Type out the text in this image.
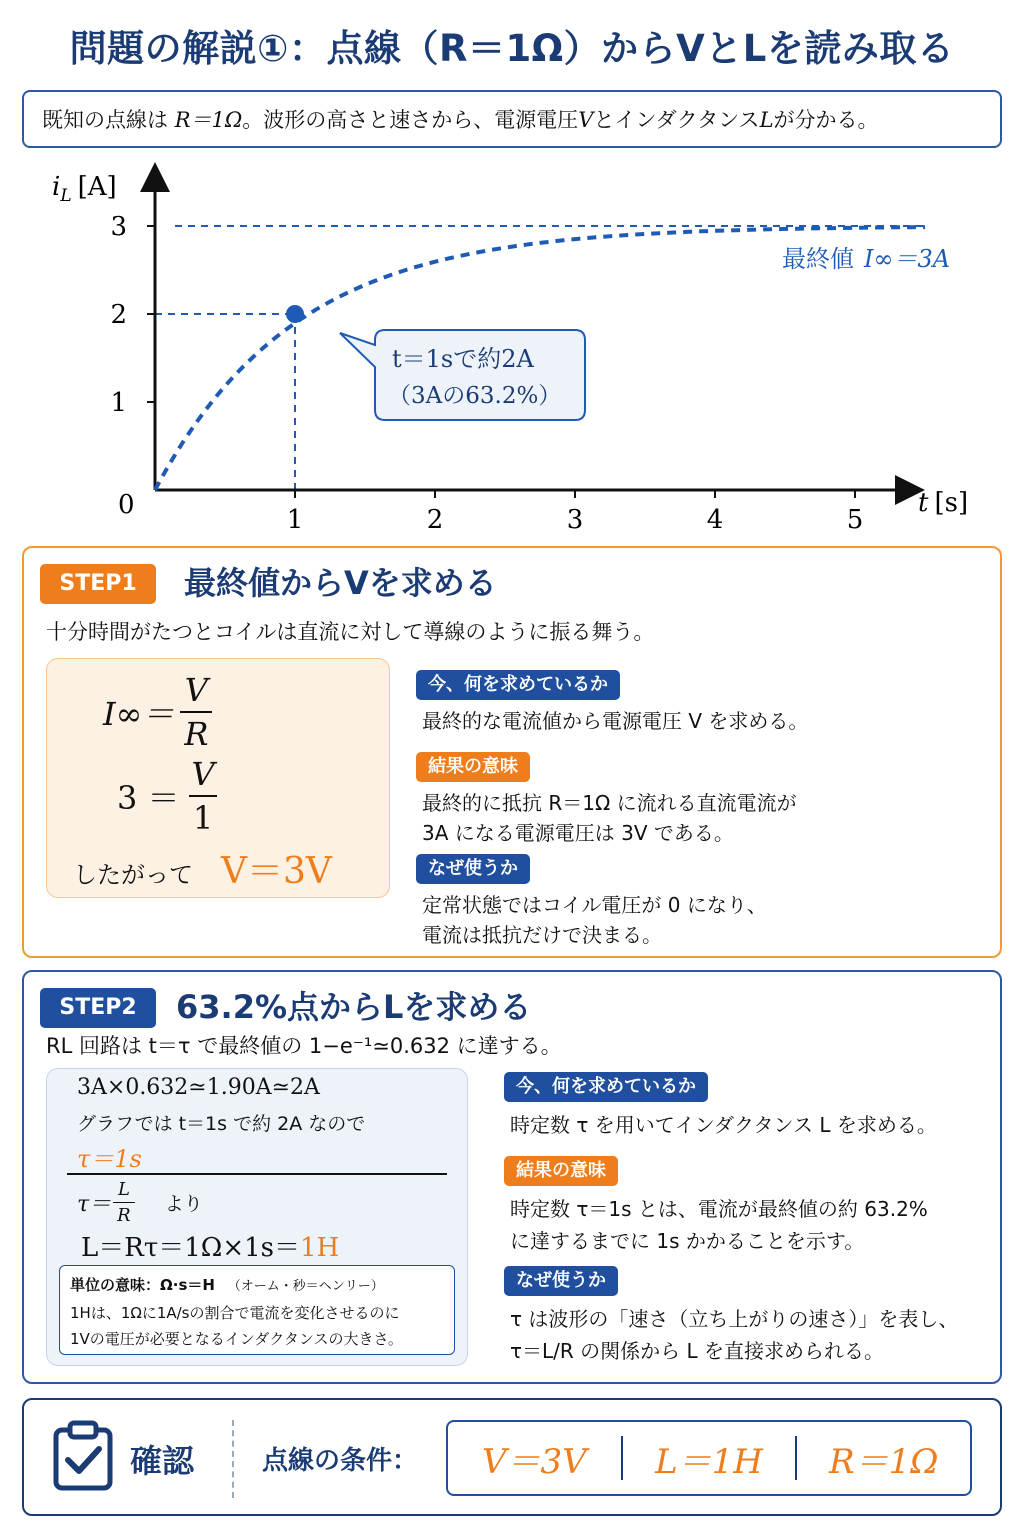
問題の解説①：点線（R＝1Ω）からVとLを読み取る
既知の点線は R＝1Ω。波形の高さと速さから、電源電圧VとインダクタンスLが分かる。
1	2	3	4	5
1
2
3
$i_L$ [A]
t [s]
0
最終値 I∞＝3A
t＝1sで約2A
（3Aの63.2%）
STEP1	最終値からVを求める
十分時間がたつとコイルは直流に対して導線のように振る舞う。
$I\infty= \frac{V}{R}$
$3 = \frac{V}{1}$
したがって V＝3V
今、何を求めているか
最終的な電流値から電源電圧 V を求める。
結果の意味
最終的に抵抗 R＝1Ω に流れる直流電流が
3A になる電源電圧は 3V である。
なぜ使うか
定常状態ではコイル電圧が 0 になり、
電流は抵抗だけで決まる。
STEP2	63.2%点からLを求める
RL 回路は t＝τ で最終値の 1−e⁻¹≃0.632 に達する。
3A×0.632≃1.90A≃2A
グラフでは t＝1s で約 2A なので
τ＝1s
$\tau= \frac{L}{R}$ より
L＝Rτ＝1Ω×1s＝1H
単位の意味：Ω·s＝H （オーム・秒＝ヘンリー）
1Hは、1Ωに1A/sの割合で電流を変化させるのに
1Vの電圧が必要となるインダクタンスの大きさ。
今、何を求めているか
時定数 τ を用いてインダクタンス L を求める。
結果の意味
時定数 τ＝1s とは、電流が最終値の約 63.2%
に達するまでに 1s かかることを示す。
なぜ使うか
τ は波形の「速さ（立ち上がりの速さ）」を表し、
τ＝L/R の関係から L を直接求められる。
確認	点線の条件：	V＝3V	L＝1H	R＝1Ω
